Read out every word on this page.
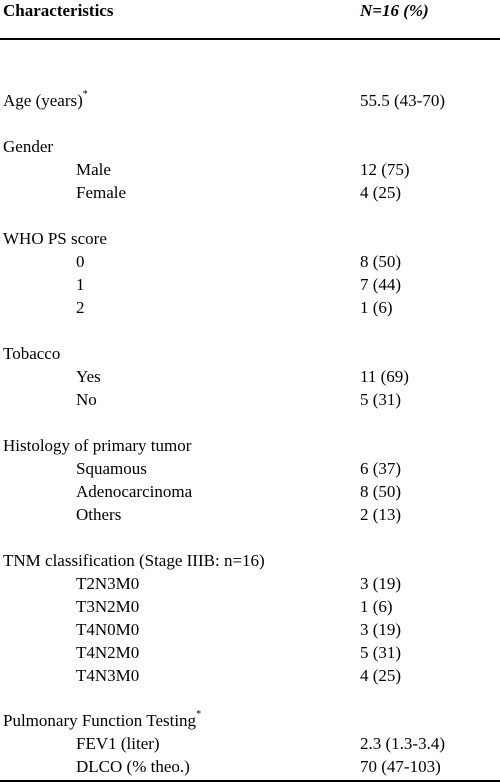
Characteristics	N=16 (%)
Age (years)*	55.5 (43-70)
Gender
Male	12 (75)
Female	4 (25)
WHO PS score
0	8 (50)
1	7 (44)
2	1 (6)
Tobacco
Yes	11 (69)
No	5 (31)
Histology of primary tumor
Squamous	6 (37)
Adenocarcinoma	8 (50)
Others	2 (13)
TNM classification (Stage IIIB: n=16)
T2N3M0	3 (19)
T3N2M0	1 (6)
T4N0M0	3 (19)
T4N2M0	5 (31)
T4N3M0	4 (25)
Pulmonary Function Testing*
FEV1 (liter)	2.3 (1.3-3.4)
DLCO (% theo.)	70 (47-103)
